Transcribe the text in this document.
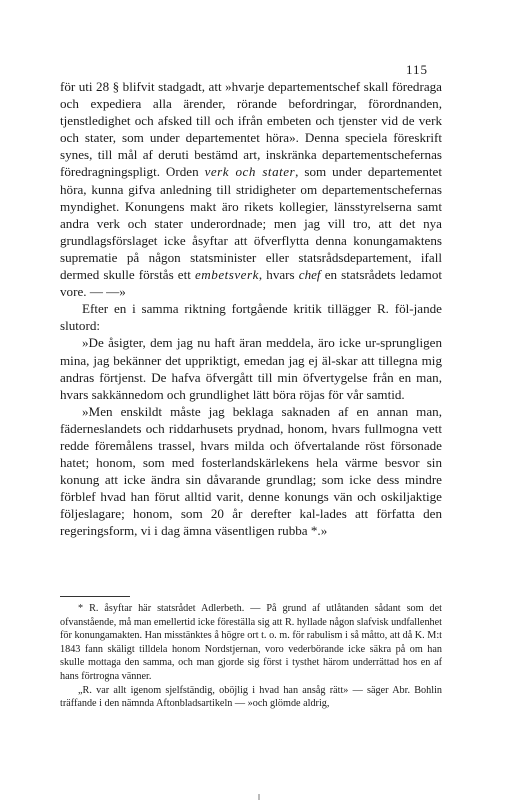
115

för uti 28 § blifvit stadgadt, att »hvarje departementschef skall föredraga och expediera alla ärender, rörande befordringar, förordnanden, tjenstledighet och afsked till och ifrån embeten och tjenster vid de verk och stater, som under departementet höra». Denna speciela föreskrift synes, till mål af deruti bestämd art, inskränka departementschefernas föredragningspligt. Orden verk och stater, som under departementet höra, kunna gifva anledning till stridigheter om departementschefernas myndighet. Konungens makt äro rikets kollegier, länsstyrelserna samt andra verk och stater underordnade; men jag vill tro, att det nya grundlagsförslaget icke åsyftar att öfverflytta denna konungamaktens suprematie på någon statsminister eller statsrådsdepartement, ifall dermed skulle förstås ett embetsverk, hvars chef en statsrådets ledamot vore. — —»

Efter en i samma riktning fortgående kritik tillägger R. föl-jande slutord:

»De åsigter, dem jag nu haft äran meddela, äro icke ur-sprungligen mina, jag bekänner det uppriktigt, emedan jag ej äl-skar att tillegna mig andras förtjenst. De hafva öfvergått till min öfvertygelse från en man, hvars sakkännedom och grundlighet lätt böra röjas för vår samtid.

»Men enskildt måste jag beklaga saknaden af en annan man, fäderneslandets och riddarhusets prydnad, honom, hvars fullmogna vett redde föremålens trassel, hvars milda och öfvertalande röst försonade hatet; honom, som med fosterlandskärlekens hela värme besvor sin konung att icke ändra sin dåvarande grundlag; som icke dess mindre förblef hvad han förut alltid varit, denne konungs vän och oskiljaktige följeslagare; honom, som 20 år derefter kal-lades att författa den regeringsform, vi i dag ämna väsentligen rubba *.»

* R. åsyftar här statsrådet Adlerbeth. — På grund af utlåtanden sådant som det ofvanstående, må man emellertid icke föreställa sig att R. hyllade någon slafvisk undfallenhet för konungamakten. Han misstänktes å högre ort t. o. m. för rabulism i så måtto, att då K. M:t 1843 fann skäligt tilldela honom Nordstjernan, voro vederbörande icke säkra på om han skulle mottaga den samma, och man gjorde sig först i tysthet härom underrättad hos en af hans förtrogna vänner.

„R. var allt igenom sjelfständig, oböjlig i hvad han ansåg rätt» — säger Abr. Bohlin träffande i den nämnda Aftonbladsartikeln — »och glömde aldrig,
